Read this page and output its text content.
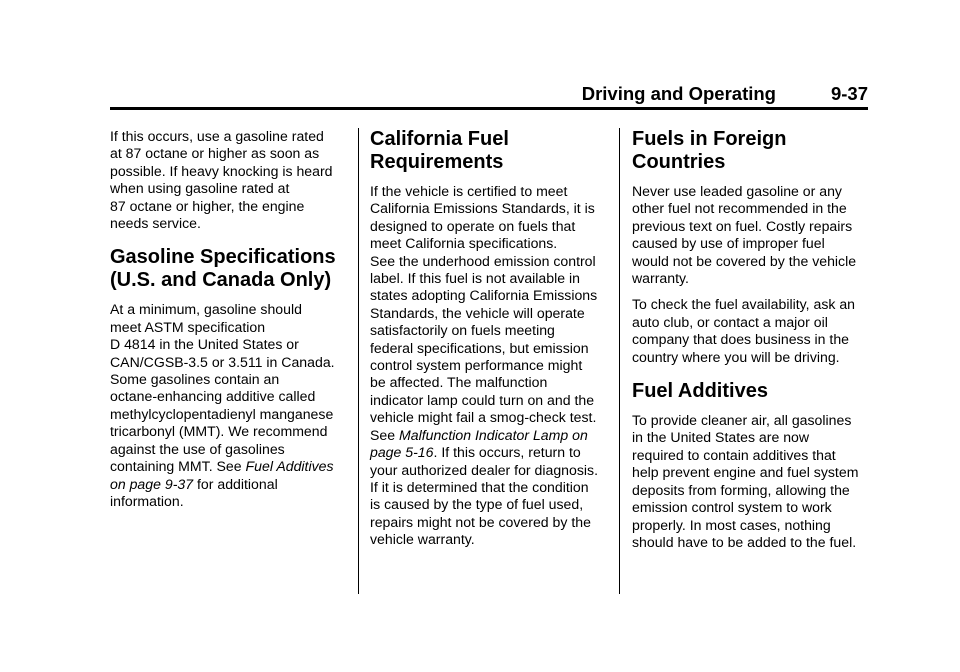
Driving and Operating	9-37

If this occurs, use a gasoline rated
at 87 octane or higher as soon as
possible. If heavy knocking is heard
when using gasoline rated at
87 octane or higher, the engine
needs service.

Gasoline Specifications
(U.S. and Canada Only)

At a minimum, gasoline should
meet ASTM specification
D 4814 in the United States or
CAN/CGSB-3.5 or 3.511 in Canada.
Some gasolines contain an
octane-enhancing additive called
methylcyclopentadienyl manganese
tricarbonyl (MMT). We recommend
against the use of gasolines
containing MMT. See Fuel Additives
on page 9-37 for additional
information.

California Fuel
Requirements

If the vehicle is certified to meet
California Emissions Standards, it is
designed to operate on fuels that
meet California specifications.
See the underhood emission control
label. If this fuel is not available in
states adopting California Emissions
Standards, the vehicle will operate
satisfactorily on fuels meeting
federal specifications, but emission
control system performance might
be affected. The malfunction
indicator lamp could turn on and the
vehicle might fail a smog-check test.
See Malfunction Indicator Lamp on
page 5-16. If this occurs, return to
your authorized dealer for diagnosis.
If it is determined that the condition
is caused by the type of fuel used,
repairs might not be covered by the
vehicle warranty.

Fuels in Foreign
Countries

Never use leaded gasoline or any
other fuel not recommended in the
previous text on fuel. Costly repairs
caused by use of improper fuel
would not be covered by the vehicle
warranty.

To check the fuel availability, ask an
auto club, or contact a major oil
company that does business in the
country where you will be driving.

Fuel Additives

To provide cleaner air, all gasolines
in the United States are now
required to contain additives that
help prevent engine and fuel system
deposits from forming, allowing the
emission control system to work
properly. In most cases, nothing
should have to be added to the fuel.
